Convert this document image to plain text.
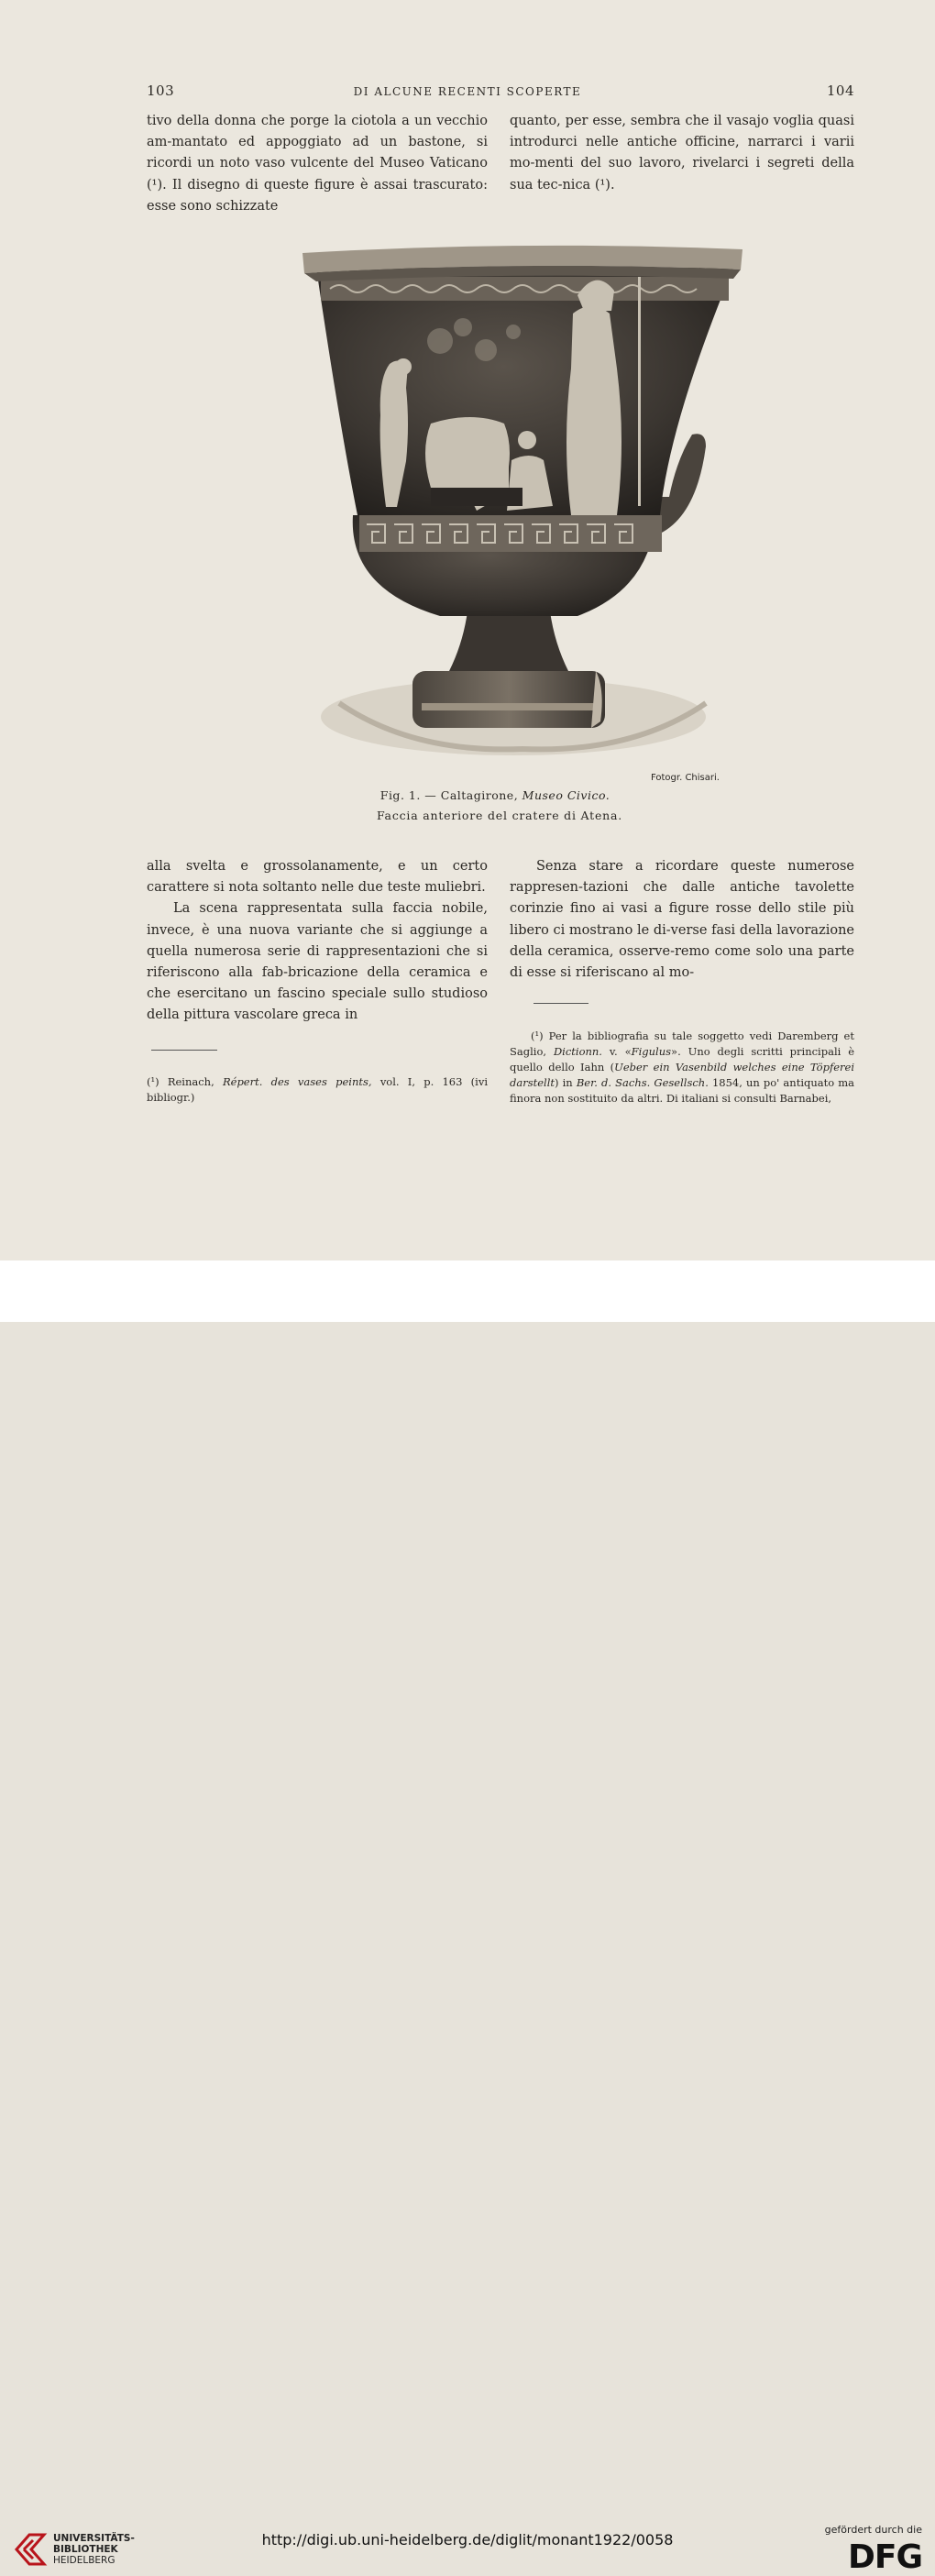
103	DI ALCUNE RECENTI SCOPERTE	104

tivo della donna che porge la ciotola a un vecchio am-mantato ed appoggiato ad un bastone, si ricordi un noto vaso vulcente del Museo Vaticano (¹). Il disegno di queste figure è assai trascurato: esse sono schizzate

quanto, per esse, sembra che il vasajo voglia quasi introdurci nelle antiche officine, narrarci i varii mo-menti del suo lavoro, rivelarci i segreti della sua tec-nica (¹).

Fotogr. Chisari.
Fig. 1. — Caltagirone, Museo Civico.
Faccia anteriore del cratere di Atena.

alla svelta e grossolanamente, e un certo carattere si nota soltanto nelle due teste muliebri.

La scena rappresentata sulla faccia nobile, invece, è una nuova variante che si aggiunge a quella numerosa serie di rappresentazioni che si riferiscono alla fab-bricazione della ceramica e che esercitano un fascino speciale sullo studioso della pittura vascolare greca in

Senza stare a ricordare queste numerose rappresen-tazioni che dalle antiche tavolette corinzie fino ai vasi a figure rosse dello stile più libero ci mostrano le di-verse fasi della lavorazione della ceramica, osserve-remo come solo una parte di esse si riferiscano al mo-

(¹) Reinach, Répert. des vases peints, vol. I, p. 163 (ivi bibliogr.)

(¹) Per la bibliografia su tale soggetto vedi Daremberg et Saglio, Dictionn. v. «Figulus». Uno degli scritti principali è quello dello Iahn (Ueber ein Vasenbild welches eine Töpferei darstellt) in Ber. d. Sachs. Gesellsch. 1854, un po' antiquato ma finora non sostituito da altri. Di italiani si consulti Barnabei,

UNIVERSITÄTS-
BIBLIOTHEK
HEIDELBERG
http://digi.ub.uni-heidelberg.de/diglit/monant1922/0058
gefördert durch die
DFG
